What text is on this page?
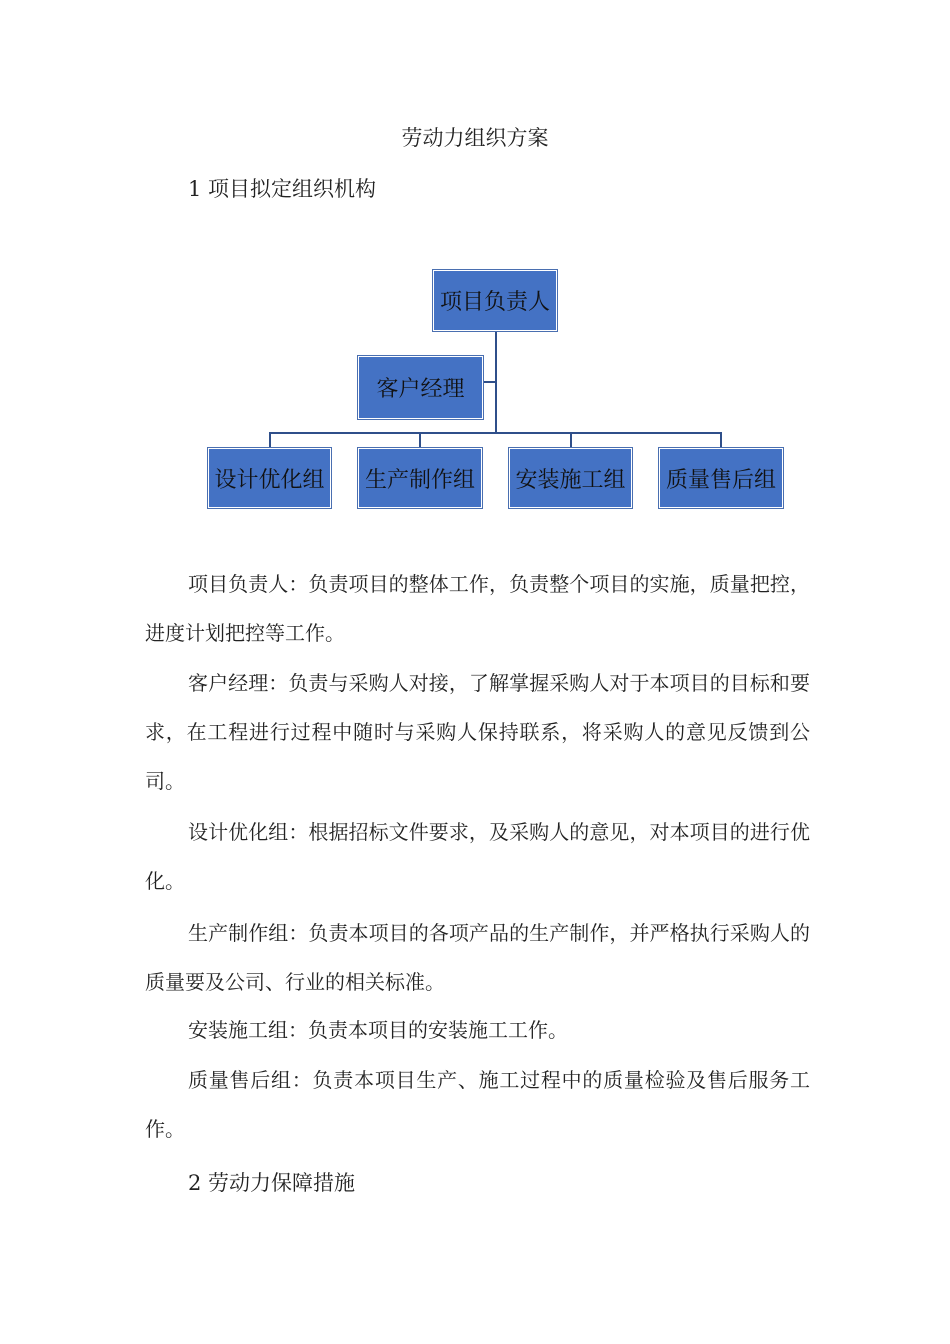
劳动力组织方案
1 项目拟定组织机构
项目负责人
客户经理
设计优化组	生产制作组	安装施工组	质量售后组
项目负责人：负责项目的整体工作，负责整个项目的实施，质量把控，进度计划把控等工作。
客户经理：负责与采购人对接，了解掌握采购人对于本项目的目标和要求，在工程进行过程中随时与采购人保持联系，将采购人的意见反馈到公司。
设计优化组：根据招标文件要求，及采购人的意见，对本项目的进行优化。
生产制作组：负责本项目的各项产品的生产制作，并严格执行采购人的质量要及公司、行业的相关标准。
安装施工组：负责本项目的安装施工工作。
质量售后组：负责本项目生产、施工过程中的质量检验及售后服务工作。
2 劳动力保障措施
